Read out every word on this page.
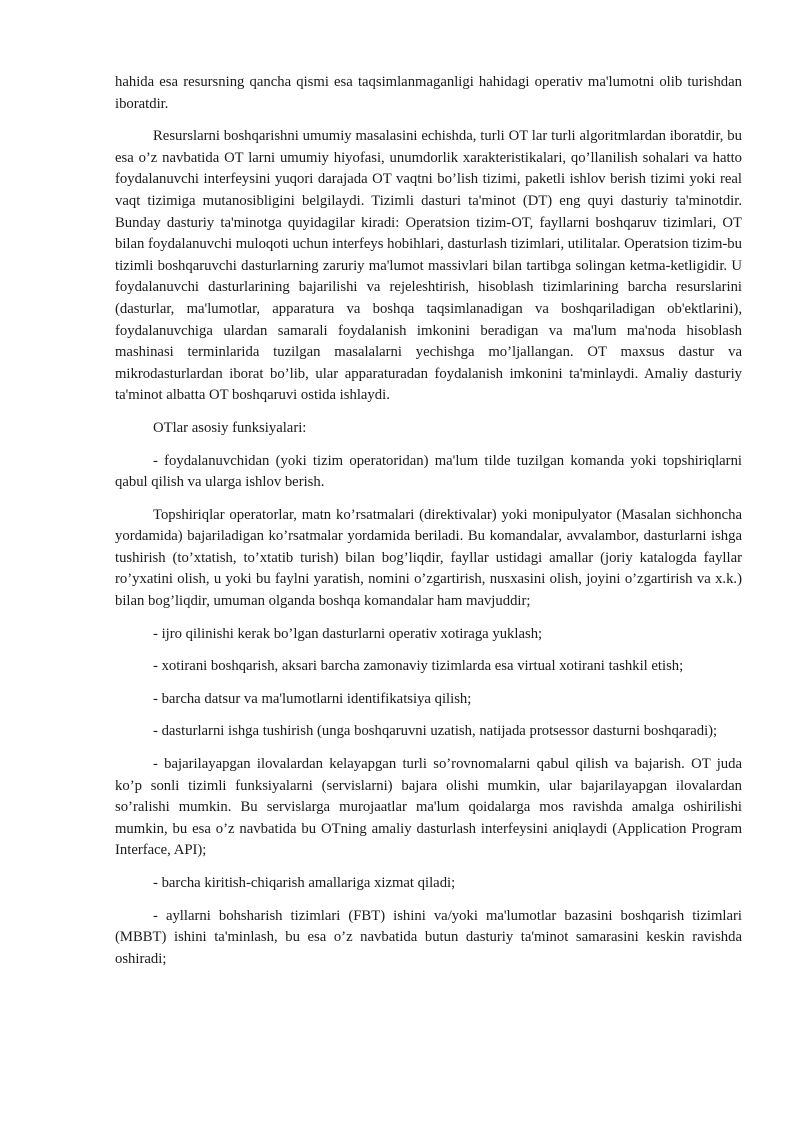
hahida esa resursning qancha qismi esa taqsimlanmaganligi hahidagi operativ ma'lumotni olib turishdan iboratdir.

Resurslarni boshqarishni umumiy masalasini echishda, turli OT lar turli algoritmlardan iboratdir, bu esa o’z navbatida OT larni umumiy hiyofasi, unumdorlik xarakteristikalari, qo’llanilish sohalari va hatto foydalanuvchi interfeysini yuqori darajada OT vaqtni bo’lish tizimi, paketli ishlov berish tizimi yoki real vaqt tizimiga mutanosibligini belgilaydi. Tizimli dasturi ta'minot (DT) eng quyi dasturiy ta'minotdir. Bunday dasturiy ta'minotga quyidagilar kiradi: Operatsion tizim-OT, fayllarni boshqaruv tizimlari, OT bilan foydalanuvchi muloqoti uchun interfeys hobihlari, dasturlash tizimlari, utilitalar. Operatsion tizim-bu tizimli boshqaruvchi dasturlarning zaruriy ma'lumot massivlari bilan tartibga solingan ketma-ketligidir. U foydalanuvchi dasturlarining bajarilishi va rejeleshtirish, hisoblash tizimlarining barcha resurslarini (dasturlar, ma'lumotlar, apparatura va boshqa taqsimlanadigan va boshqariladigan ob'ektlarini), foydalanuvchiga ulardan samarali foydalanish imkonini beradigan va ma'lum ma'noda hisoblash mashinasi terminlarida tuzilgan masalalarni yechishga mo’ljallangan. OT maxsus dastur va mikrodasturlardan iborat bo’lib, ular apparaturadan foydalanish imkonini ta'minlaydi. Amaliy dasturiy ta'minot albatta OT boshqaruvi ostida ishlaydi.

OTlar asosiy funksiyalari:

- foydalanuvchidan (yoki tizim operatoridan) ma'lum tilde tuzilgan komanda yoki topshiriqlarni qabul qilish va ularga ishlov berish.

Topshiriqlar operatorlar, matn ko’rsatmalari (direktivalar) yoki monipulyator (Masalan sichhoncha yordamida) bajariladigan ko’rsatmalar yordamida beriladi. Bu komandalar, avvalambor, dasturlarni ishga tushirish (to’xtatish, to’xtatib turish) bilan bog’liqdir, fayllar ustidagi amallar (joriy katalogda fayllar ro’yxatini olish, u yoki bu faylni yaratish, nomini o’zgartirish, nusxasini olish, joyini o’zgartirish va x.k.) bilan bog’liqdir, umuman olganda boshqa komandalar ham mavjuddir;

- ijro qilinishi kerak bo’lgan dasturlarni operativ xotiraga yuklash;

- xotirani boshqarish, aksari barcha zamonaviy tizimlarda esa virtual xotirani tashkil etish;

- barcha datsur va ma'lumotlarni identifikatsiya qilish;

- dasturlarni ishga tushirish (unga boshqaruvni uzatish, natijada protsessor dasturni boshqaradi);

- bajarilayapgan ilovalardan kelayapgan turli so’rovnomalarni qabul qilish va bajarish. OT juda ko’p sonli tizimli funksiyalarni (servislarni) bajara olishi mumkin, ular bajarilayapgan ilovalardan so’ralishi mumkin. Bu servislarga murojaatlar ma'lum qoidalarga mos ravishda amalga oshirilishi mumkin, bu esa o’z navbatida bu OTning amaliy dasturlash interfeysini aniqlaydi (Application Program Interface, API);

- barcha kiritish-chiqarish amallariga xizmat qiladi;

- ayllarni bohsharish tizimlari (FBT) ishini va/yoki ma'lumotlar bazasini boshqarish tizimlari (MBBT) ishini ta'minlash, bu esa o’z navbatida butun dasturiy ta'minot samarasini keskin ravishda oshiradi;
